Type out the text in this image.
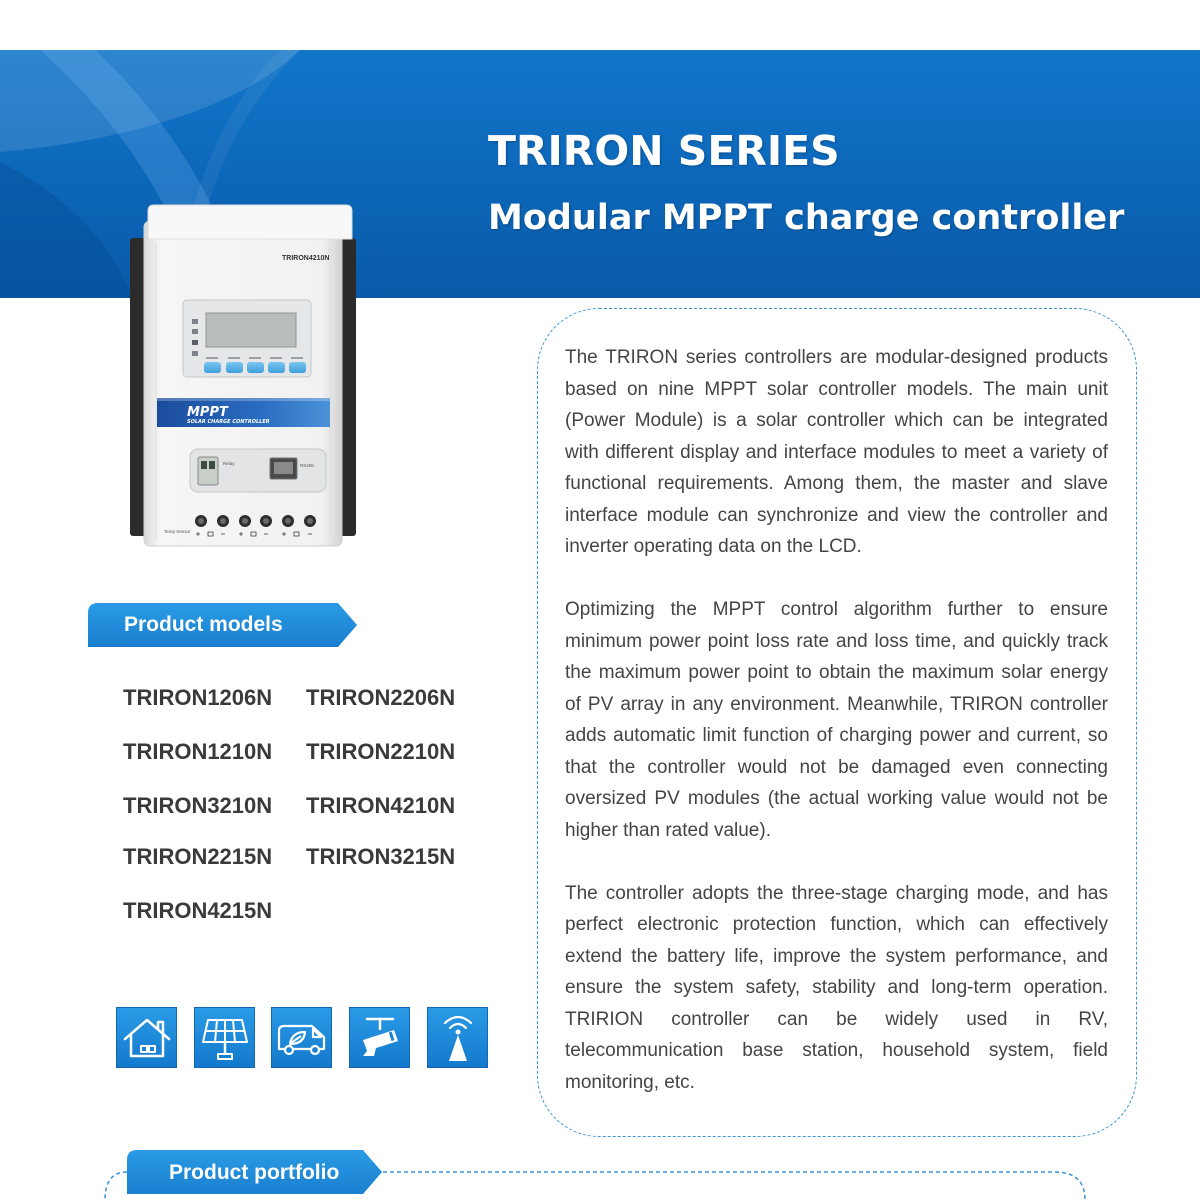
TRIRON SERIES
Modular MPPT charge controller
TRIRON4210N
MPPT
SOLAR CHARGE CONTROLLER
Relay	RS485
Temp Sensor

The TRIRON series controllers are modular-designed products based on nine MPPT solar controller models. The main unit (Power Module) is a solar controller which can be integrated with different display and interface modules to meet a variety of functional requirements. Among them, the master and slave interface module can synchronize and view the controller and inverter operating data on the LCD.

Optimizing the MPPT control algorithm further to ensure minimum power point loss rate and loss time, and quickly track the maximum power point to obtain the maximum solar energy of PV array in any environment. Meanwhile, TRIRON controller adds automatic limit function of charging power and current, so that the controller would not be damaged even connecting oversized PV modules (the actual working value would not be higher than rated value).

The controller adopts the three-stage charging mode, and has perfect electronic protection function, which can effectively extend the battery life, improve the system performance, and ensure the system safety, stability and long-term operation. TRIRION controller can be widely used in RV, telecommunication base station, household system, field monitoring, etc.

Product models
TRIRON1206N TRIRON2206N
TRIRON1210N TRIRON2210N
TRIRON3210N TRIRON4210N
TRIRON2215N TRIRON3215N
TRIRON4215N
Product portfolio
